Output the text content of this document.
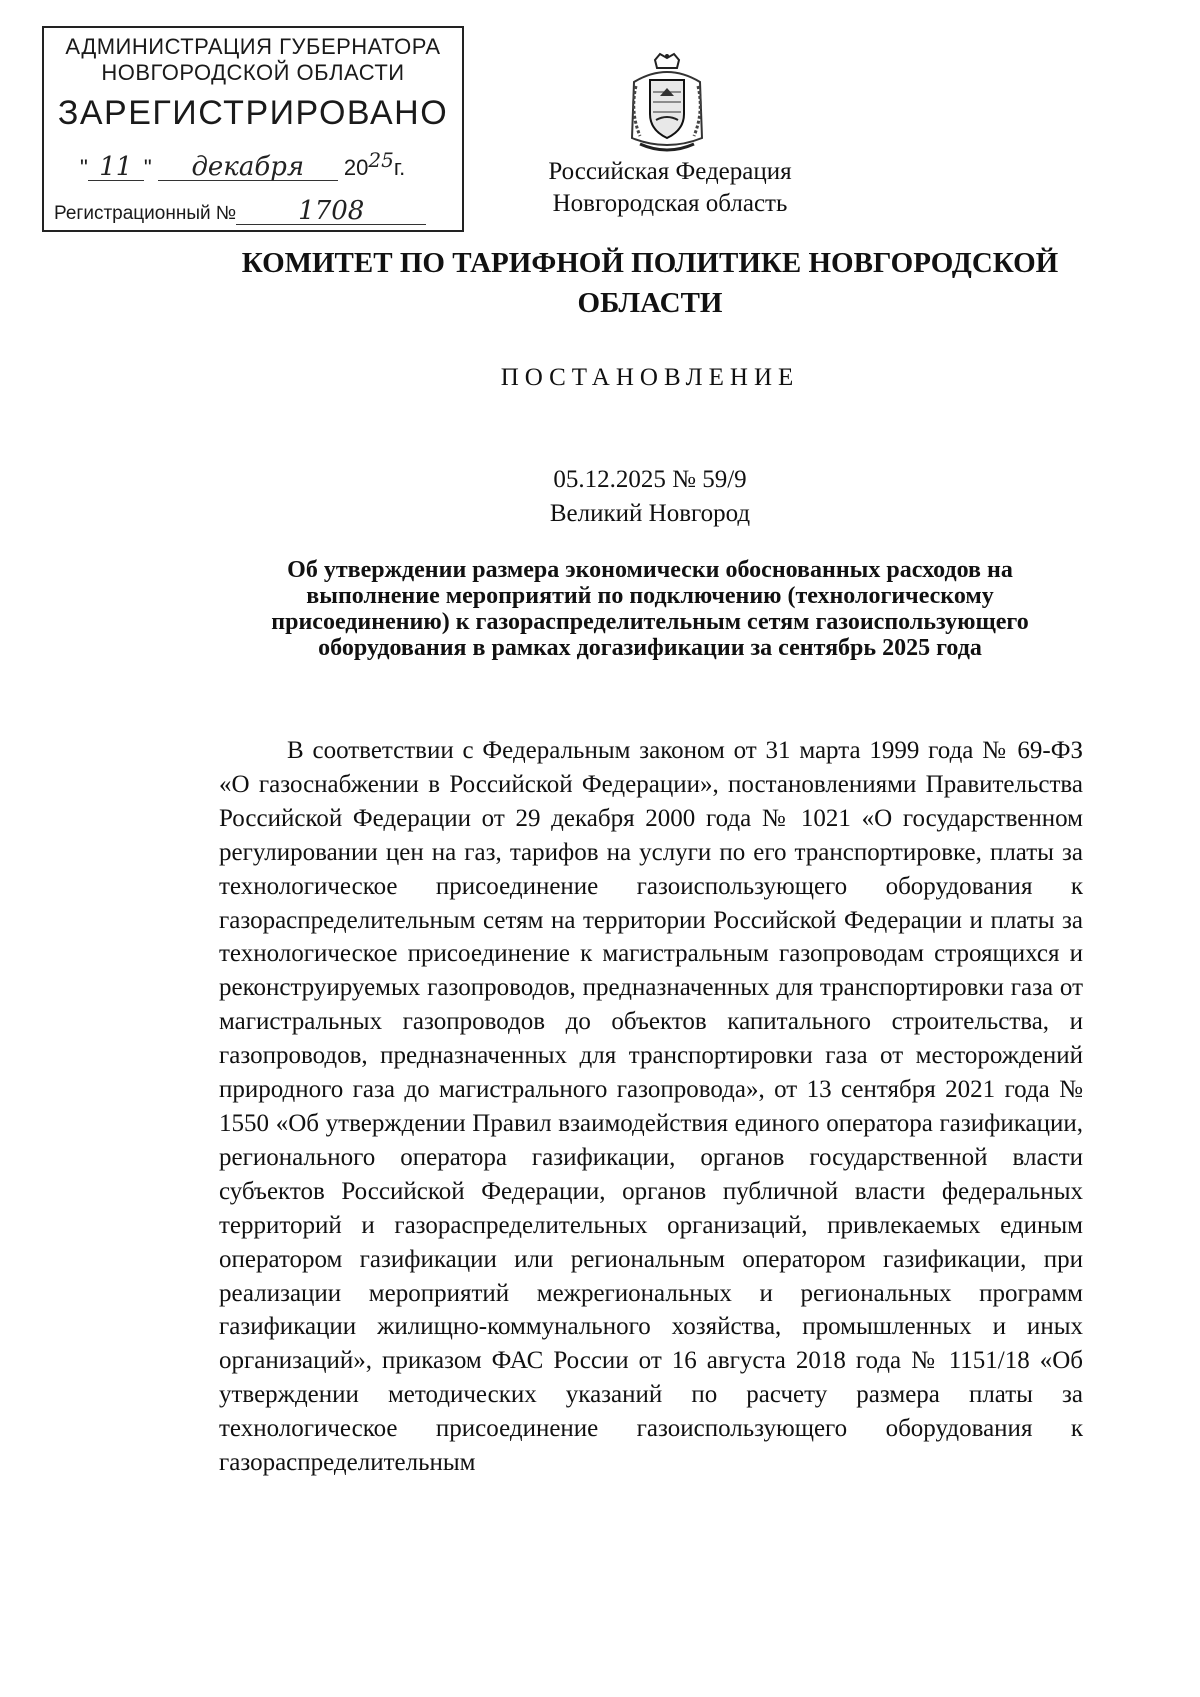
АДМИНИСТРАЦИЯ ГУБЕРНАТОРА
НОВГОРОДСКОЙ ОБЛАСТИ
ЗАРЕГИСТРИРОВАНО
" 11 " декабря 2025г.
Регистрационный № 1708
Российская Федерация
Новгородская область
КОМИТЕТ ПО ТАРИФНОЙ ПОЛИТИКЕ НОВГОРОДСКОЙ
ОБЛАСТИ
ПОСТАНОВЛЕНИЕ
05.12.2025 № 59/9
Великий Новгород
Об утверждении размера экономически обоснованных расходов на
выполнение мероприятий по подключению (технологическому
присоединению) к газораспределительным сетям газоиспользующего
оборудования в рамках догазификации за сентябрь 2025 года

В соответствии с Федеральным законом от 31 марта 1999 года № 69-ФЗ «О газоснабжении в Российской Федерации», постановлениями Правительства Российской Федерации от 29 декабря 2000 года № 1021 «О государственном регулировании цен на газ, тарифов на услуги по его транспортировке, платы за технологическое присоединение газоиспользующего оборудования к газораспределительным сетям на территории Российской Федерации и платы за технологическое присоединение к магистральным газопроводам строящихся и реконструируемых газопроводов, предназначенных для транспортировки газа от магистральных газопроводов до объектов капитального строительства, и газопроводов, предназначенных для транспортировки газа от месторождений природного газа до магистрального газопровода», от 13 сентября 2021 года № 1550 «Об утверждении Правил взаимодействия единого оператора газификации, регионального оператора газификации, органов государственной власти субъектов Российской Федерации, органов публичной власти федеральных территорий и газораспределительных организаций, привлекаемых единым оператором газификации или региональным оператором газификации, при реализации мероприятий межрегиональных и региональных программ газификации жилищно-коммунального хозяйства, промышленных и иных организаций», приказом ФАС России от 16 августа 2018 года № 1151/18 «Об утверждении методических указаний по расчету размера платы за технологическое присоединение газоиспользующего оборудования к газораспределительным
